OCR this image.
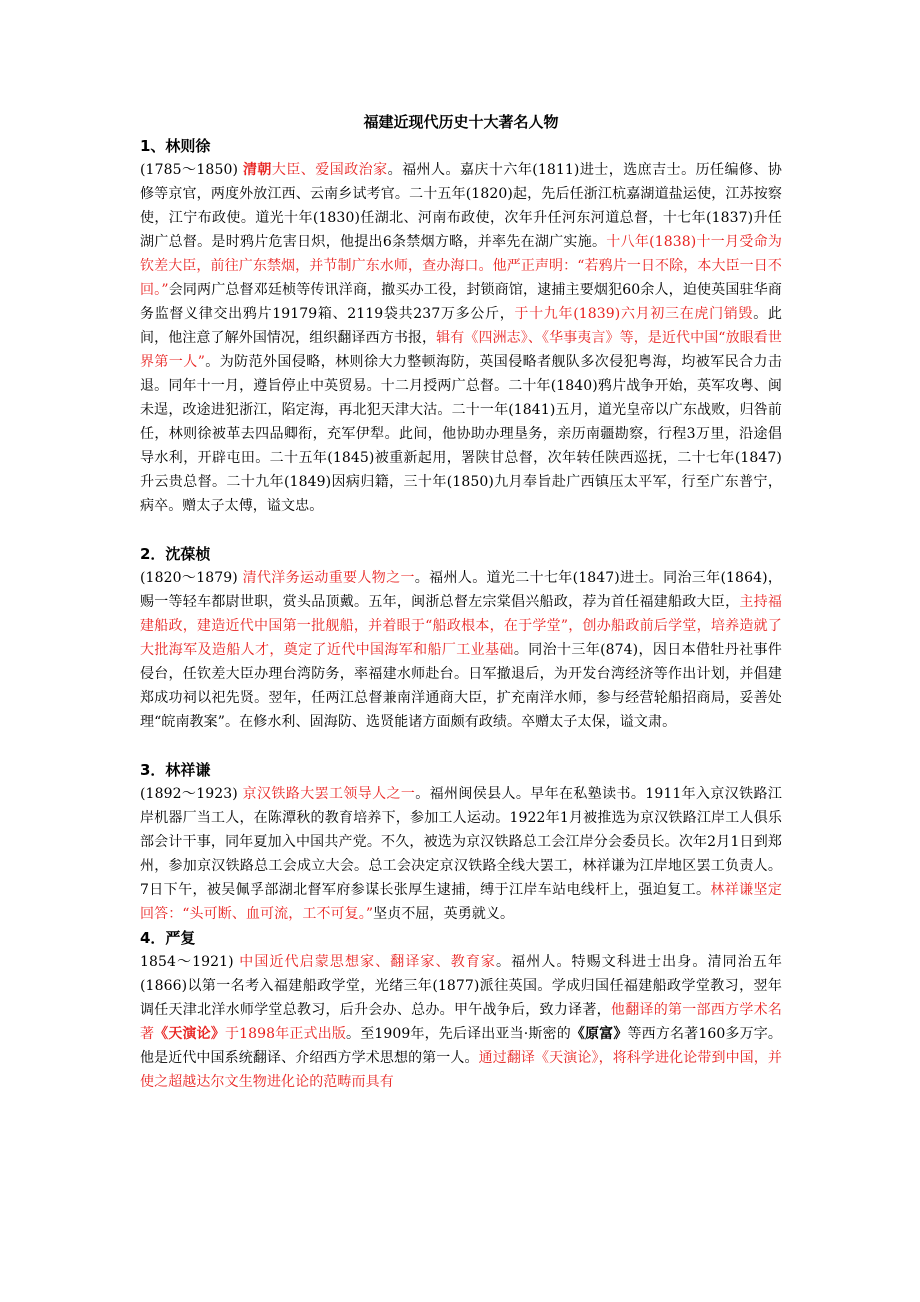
福建近现代历史十大著名人物

1、林则徐

(1785～1850) 清朝大臣、爱国政治家。福州人。嘉庆十六年(1811)进士，选庶吉士。历任编修、协修等京官，两度外放江西、云南乡试考官。二十五年(1820)起，先后任浙江杭嘉湖道盐运使，江苏按察使，江宁布政使。道光十年(1830)任湖北、河南布政使，次年升任河东河道总督，十七年(1837)升任湖广总督。是时鸦片危害日炽，他提出6条禁烟方略，并率先在湖广实施。十八年(1838)十一月受命为钦差大臣，前往广东禁烟，并节制广东水师，查办海口。他严正声明：“若鸦片一日不除，本大臣一日不回。”会同两广总督邓廷桢等传讯洋商，撤买办工役，封锁商馆，逮捕主要烟犯60余人，迫使英国驻华商务监督义律交出鸦片19179箱、2119袋共237万多公斤，于十九年(1839)六月初三在虎门销毁。此间，他注意了解外国情况，组织翻译西方书报，辑有《四洲志》、《华事夷言》等，是近代中国“放眼看世界第一人”。为防范外国侵略，林则徐大力整顿海防，英国侵略者舰队多次侵犯粤海，均被军民合力击退。同年十一月，遵旨停止中英贸易。十二月授两广总督。二十年(1840)鸦片战争开始，英军攻粤、闽未逞，改途进犯浙江，陷定海，再北犯天津大沽。二十一年(1841)五月，道光皇帝以广东战败，归咎前任，林则徐被革去四品卿衔，充军伊犁。此间，他协助办理垦务，亲历南疆勘察，行程3万里，沿途倡导水利，开辟屯田。二十五年(1845)被重新起用，署陕甘总督，次年转任陕西巡抚，二十七年(1847)升云贵总督。二十九年(1849)因病归籍，三十年(1850)九月奉旨赴广西镇压太平军，行至广东普宁，病卒。赠太子太傅，谥文忠。

2．沈葆桢

(1820～1879) 清代洋务运动重要人物之一。福州人。道光二十七年(1847)进士。同治三年(1864)，赐一等轻车都尉世职，赏头品顶戴。五年，闽浙总督左宗棠倡兴船政，荐为首任福建船政大臣，主持福建船政，建造近代中国第一批舰船，并着眼于“船政根本，在于学堂”，创办船政前后学堂，培养造就了大批海军及造船人才，奠定了近代中国海军和船厂工业基础。同治十三年(874)，因日本借牡丹社事件侵台，任钦差大臣办理台湾防务，率福建水师赴台。日军撤退后，为开发台湾经济等作出计划，并倡建郑成功祠以祀先贤。翌年，任两江总督兼南洋通商大臣，扩充南洋水师，参与经营轮船招商局，妥善处理“皖南教案”。在修水利、固海防、选贤能诸方面颇有政绩。卒赠太子太保，谥文肃。

3．林祥谦

(1892～1923) 京汉铁路大罢工领导人之一。福州闽侯县人。早年在私塾读书。1911年入京汉铁路江岸机器厂当工人，在陈潭秋的教育培养下，参加工人运动。1922年1月被推选为京汉铁路江岸工人俱乐部会计干事，同年夏加入中国共产党。不久，被选为京汉铁路总工会江岸分会委员长。次年2月1日到郑州，参加京汉铁路总工会成立大会。总工会决定京汉铁路全线大罢工，林祥谦为江岸地区罢工负责人。7日下午，被吴佩孚部湖北督军府参谋长张厚生逮捕，缚于江岸车站电线杆上，强迫复工。林祥谦坚定回答：“头可断、血可流，工不可复。”坚贞不屈，英勇就义。

4．严复

1854～1921) 中国近代启蒙思想家、翻译家、教育家。福州人。特赐文科进士出身。清同治五年(1866)以第一名考入福建船政学堂，光绪三年(1877)派往英国。学成归国任福建船政学堂教习，翌年调任天津北洋水师学堂总教习，后升会办、总办。甲午战争后，致力译著，他翻译的第一部西方学术名著《天演论》于1898年正式出版。至1909年，先后译出亚当·斯密的《原富》等西方名著160多万字。他是近代中国系统翻译、介绍西方学术思想的第一人。通过翻译《天演论》，将科学进化论带到中国，并使之超越达尔文生物进化论的范畴而具有
